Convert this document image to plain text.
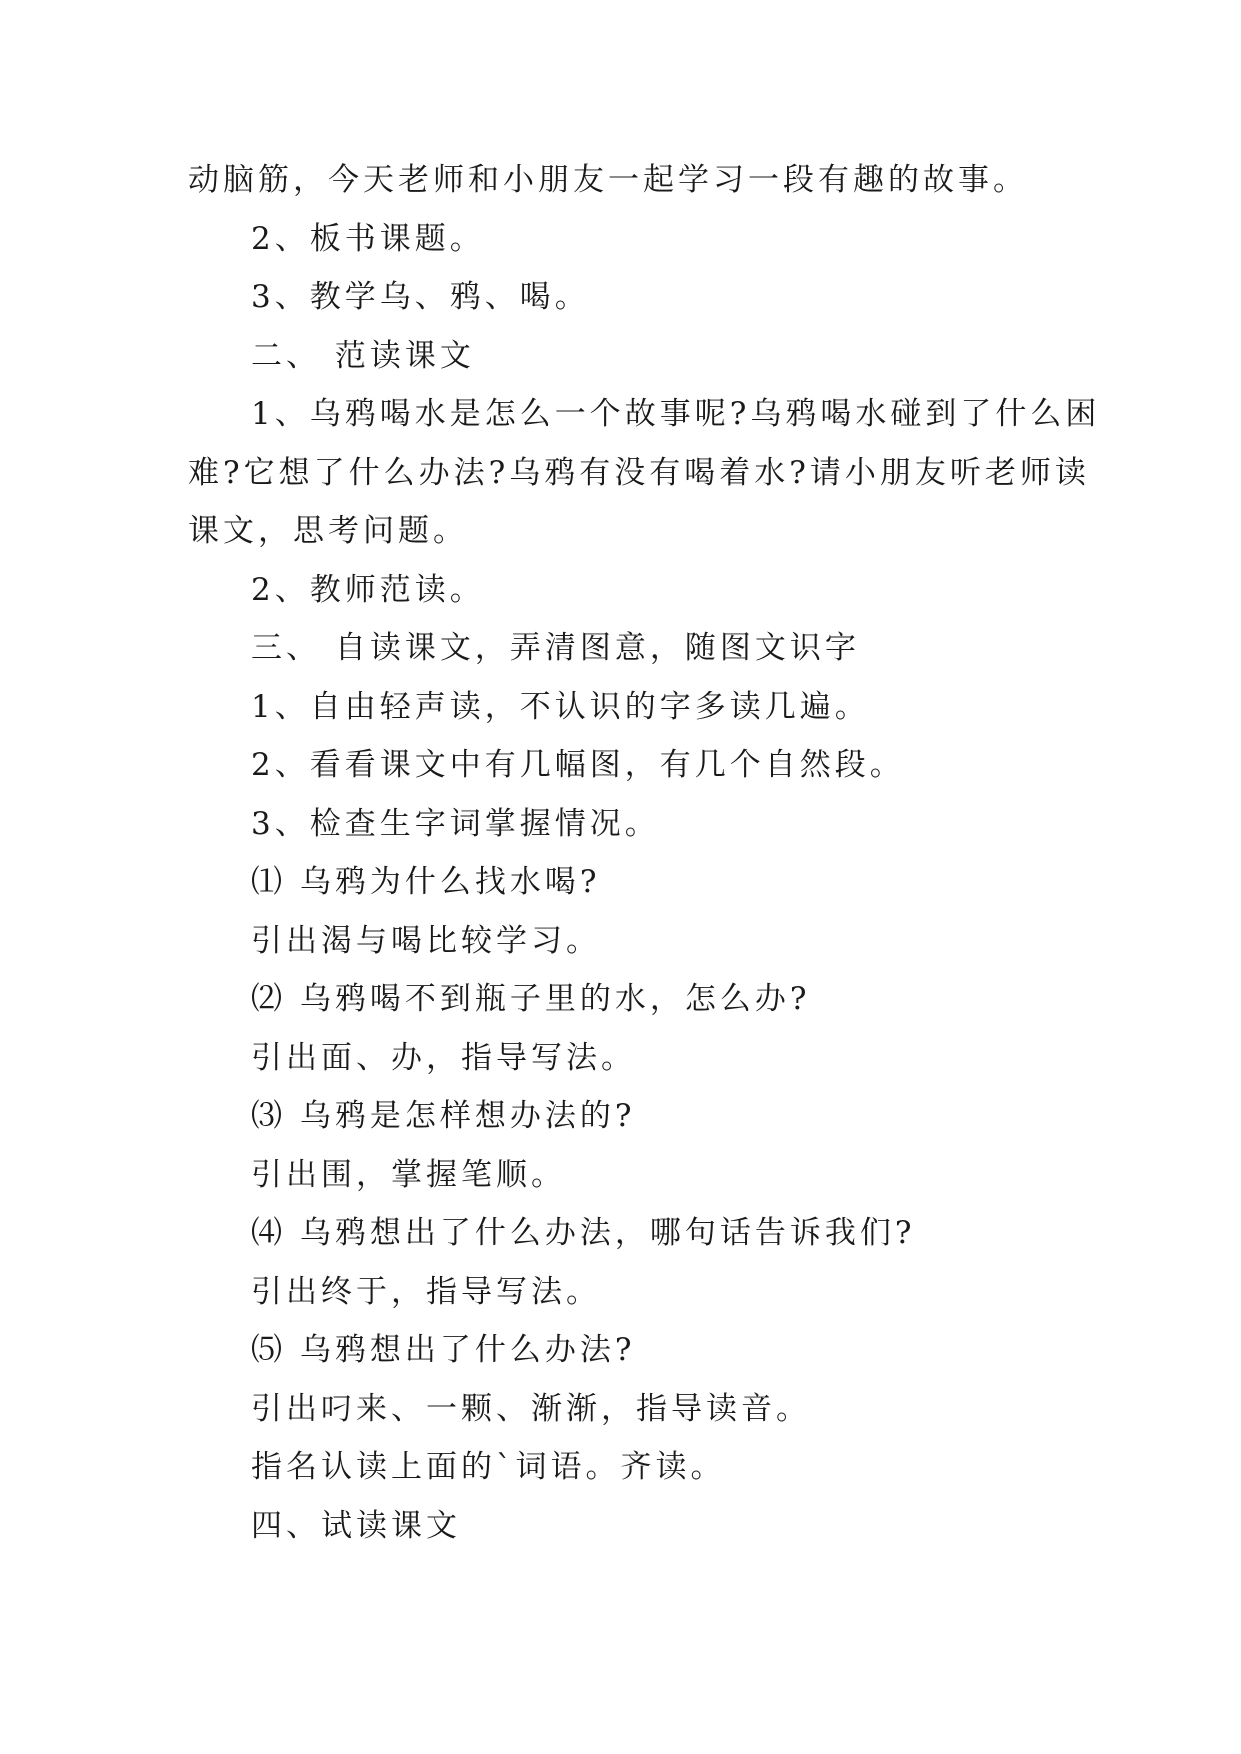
动脑筋，今天老师和小朋友一起学习一段有趣的故事。
2、板书课题。
3、教学乌、鸦、喝。
二、 范读课文
1、乌鸦喝水是怎么一个故事呢?乌鸦喝水碰到了什么困
难?它想了什么办法?乌鸦有没有喝着水?请小朋友听老师读
课文，思考问题。
2、教师范读。
三、 自读课文，弄清图意，随图文识字
1、自由轻声读，不认识的字多读几遍。
2、看看课文中有几幅图，有几个自然段。
3、检查生字词掌握情况。
⑴ 乌鸦为什么找水喝?
引出渴与喝比较学习。
⑵ 乌鸦喝不到瓶子里的水，怎么办?
引出面、办，指导写法。
⑶ 乌鸦是怎样想办法的?
引出围，掌握笔顺。
⑷ 乌鸦想出了什么办法，哪句话告诉我们?
引出终于，指导写法。
⑸ 乌鸦想出了什么办法?
引出叼来、一颗、渐渐，指导读音。
指名认读上面的`词语。齐读。
四、试读课文
